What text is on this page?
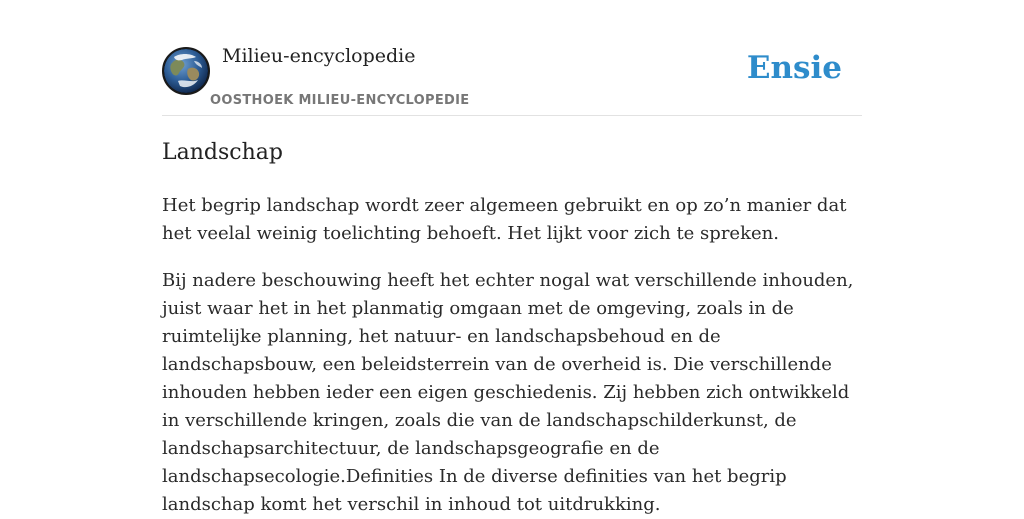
Milieu-encyclopedie
OOSTHOEK MILIEU-ENCYCLOPEDIE
Ensie
Landschap

Het begrip landschap wordt zeer algemeen gebruikt en op zo’n manier dat het veelal weinig toelichting behoeft. Het lijkt voor zich te spreken.

Bij nadere beschouwing heeft het echter nogal wat verschillende inhouden, juist waar het in het planmatig omgaan met de omgeving, zoals in de ruimtelijke planning, het natuur- en landschapsbehoud en de landschapsbouw, een beleidsterrein van de overheid is. Die verschillende inhouden hebben ieder een eigen geschiedenis. Zij hebben zich ontwikkeld in verschillende kringen, zoals die van de landschapschilderkunst, de landschapsarchitectuur, de landschapsgeografie en de landschapsecologie.Definities In de diverse definities van het begrip landschap komt het verschil in inhoud tot uitdrukking.
